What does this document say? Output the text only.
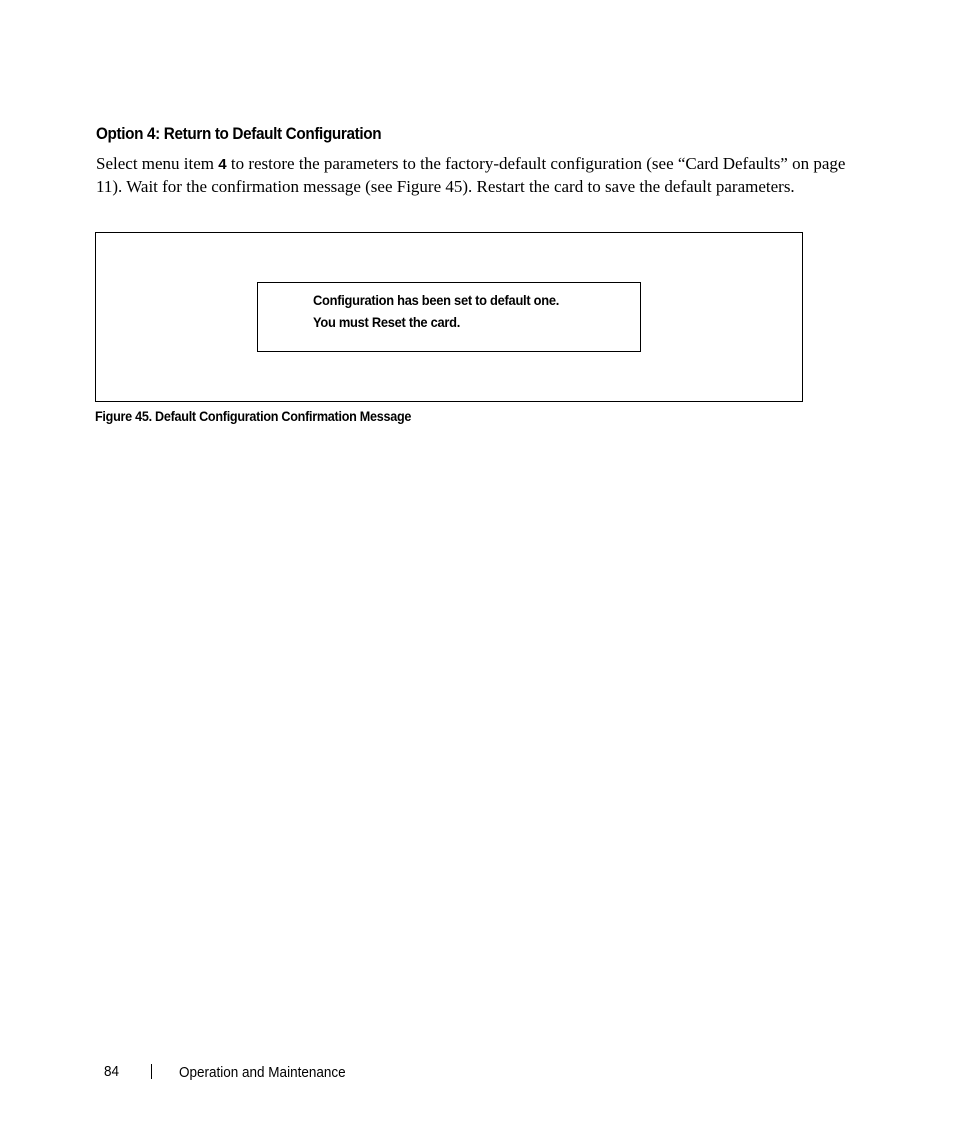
Option 4: Return to Default Configuration

Select menu item 4 to restore the parameters to the factory-default configuration (see “Card Defaults” on page 11). Wait for the confirmation message (see Figure 45). Restart the card to save the default parameters.

Configuration has been set to default one.
You must Reset the card.
Figure 45. Default Configuration Confirmation Message
84	Operation and Maintenance
